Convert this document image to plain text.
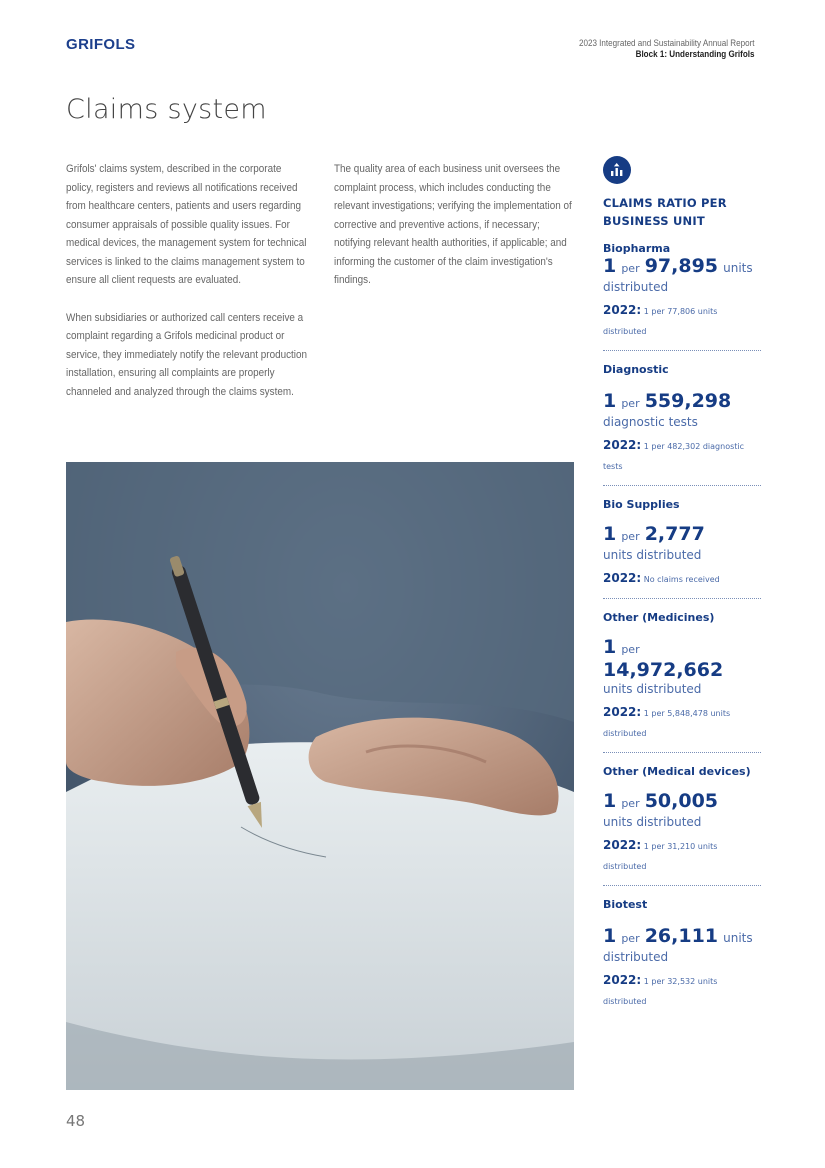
GRIFOLS	2023 Integrated and Sustainability Annual Report
Block 1: Understanding Grifols
Claims system

Grifols' claims system, described in the corporate policy, registers and reviews all notifications received from healthcare centers, patients and users regarding consumer appraisals of possible quality issues. For medical devices, the management system for technical services is linked to the claims management system to ensure all client requests are evaluated.

When subsidiaries or authorized call centers receive a complaint regarding a Grifols medicinal product or service, they immediately notify the relevant production installation, ensuring all complaints are properly channeled and analyzed through the claims system.

The quality area of each business unit oversees the complaint process, which includes conducting the relevant investigations; verifying the implementation of corrective and preventive actions, if necessary; notifying relevant health authorities, if applicable; and informing the customer of the claim investigation's findings.

CLAIMS RATIO PER BUSINESS UNIT
Biopharma
1 per 97,895 units
distributed
2022: 1 per 77,806 units distributed
Diagnostic
1 per 559,298
diagnostic tests
2022: 1 per 482,302 diagnostic tests
Bio Supplies
1 per 2,777
units distributed
2022: No claims received
Other (Medicines)
1 per
14,972,662
units distributed
2022: 1 per 5,848,478 units distributed
Other (Medical devices)
1 per 50,005
units distributed
2022: 1 per 31,210 units distributed
Biotest
1 per 26,111 units
distributed
2022: 1 per 32,532 units distributed
48
